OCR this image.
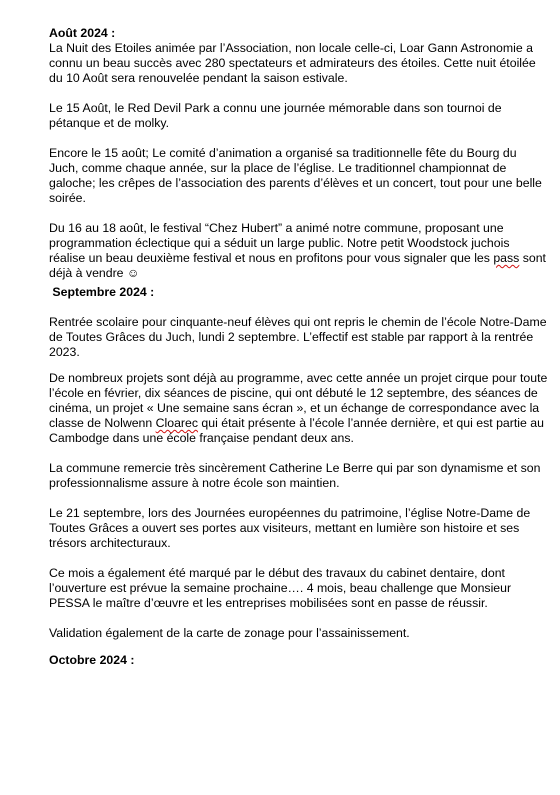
Août 2024 :

La Nuit des Etoiles animée par l’Association, non locale celle-ci, Loar Gann Astronomie a connu un beau succès avec 280 spectateurs et admirateurs des étoiles. Cette nuit étoilée du 10 Août sera renouvelée pendant la saison estivale.

Le 15 Août, le Red Devil Park a connu une journée mémorable dans son tournoi de pétanque et de molky.

Encore le 15 août; Le comité d’animation a organisé sa traditionnelle fête du Bourg du Juch, comme chaque année, sur la place de l’église. Le traditionnel championnat de galoche; les crêpes de l’association des parents d’élèves et un concert, tout pour une belle soirée.

Du 16 au 18 août, le festival “Chez Hubert” a animé notre commune, proposant une programmation éclectique qui a séduit un large public. Notre petit Woodstock juchois réalise un beau deuxième festival et nous en profitons pour vous signaler que les pass sont déjà à vendre ☺

Septembre 2024 :

Rentrée scolaire pour cinquante-neuf élèves qui ont repris le chemin de l’école Notre-Dame de Toutes Grâces du Juch, lundi 2 septembre. L’effectif est stable par rapport à la rentrée 2023.

De nombreux projets sont déjà au programme, avec cette année un projet cirque pour toute l’école en février, dix séances de piscine, qui ont débuté le 12 septembre, des séances de cinéma, un projet « Une semaine sans écran », et un échange de correspondance avec la classe de Nolwenn Cloarec qui était présente à l’école l’année dernière, et qui est partie au Cambodge dans une école française pendant deux ans.

La commune remercie très sincèrement Catherine Le Berre qui par son dynamisme et son professionnalisme assure à notre école son maintien.

Le 21 septembre, lors des Journées européennes du patrimoine, l’église Notre-Dame de Toutes Grâces a ouvert ses portes aux visiteurs, mettant en lumière son histoire et ses trésors architecturaux.

Ce mois a également été marqué par le début des travaux du cabinet dentaire, dont l’ouverture est prévue la semaine prochaine…. 4 mois, beau challenge que Monsieur PESSA le maître d’œuvre et les entreprises mobilisées sont en passe de réussir.

Validation également de la carte de zonage pour l’assainissement.

Octobre 2024 :
